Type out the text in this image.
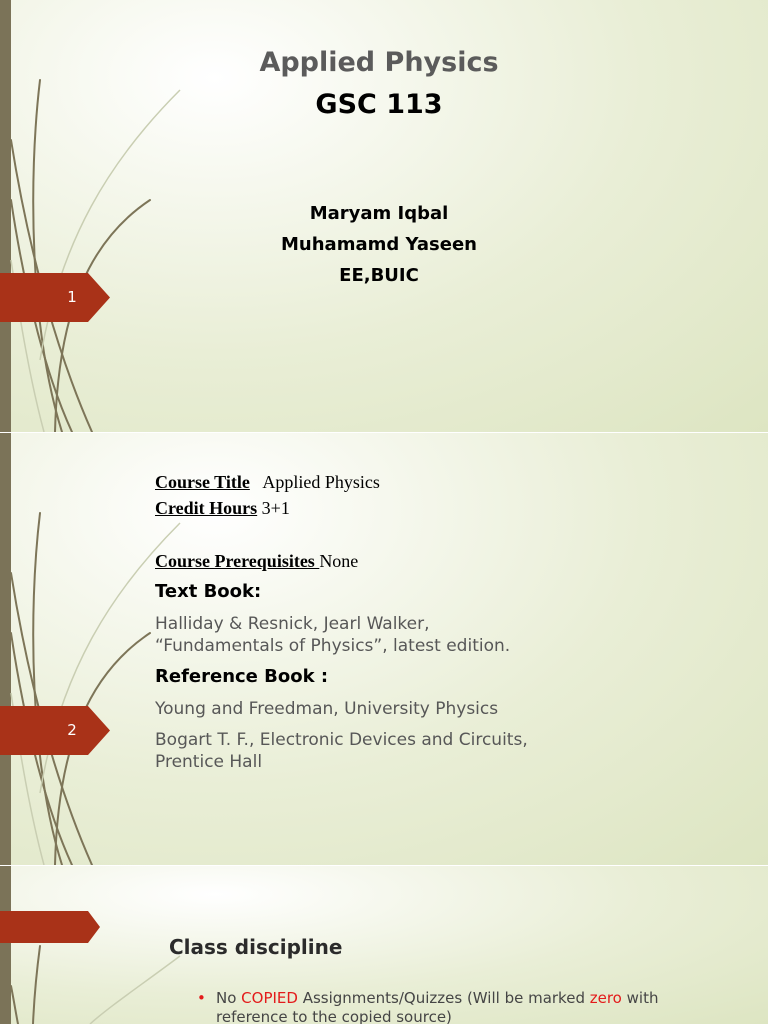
1
Applied Physics
GSC 113
Maryam Iqbal
Muhamamd Yaseen
EE,BUIC
2
Course Title Applied Physics
Credit Hours 3+1
Course Prerequisites None
Text Book:
Halliday & Resnick, Jearl Walker,
“Fundamentals of Physics”, latest edition.
Reference Book :
Young and Freedman, University Physics
Bogart T. F., Electronic Devices and Circuits,
Prentice Hall
Class discipline
• No COPIED Assignments/Quizzes (Will be marked zero with reference to the copied source)
